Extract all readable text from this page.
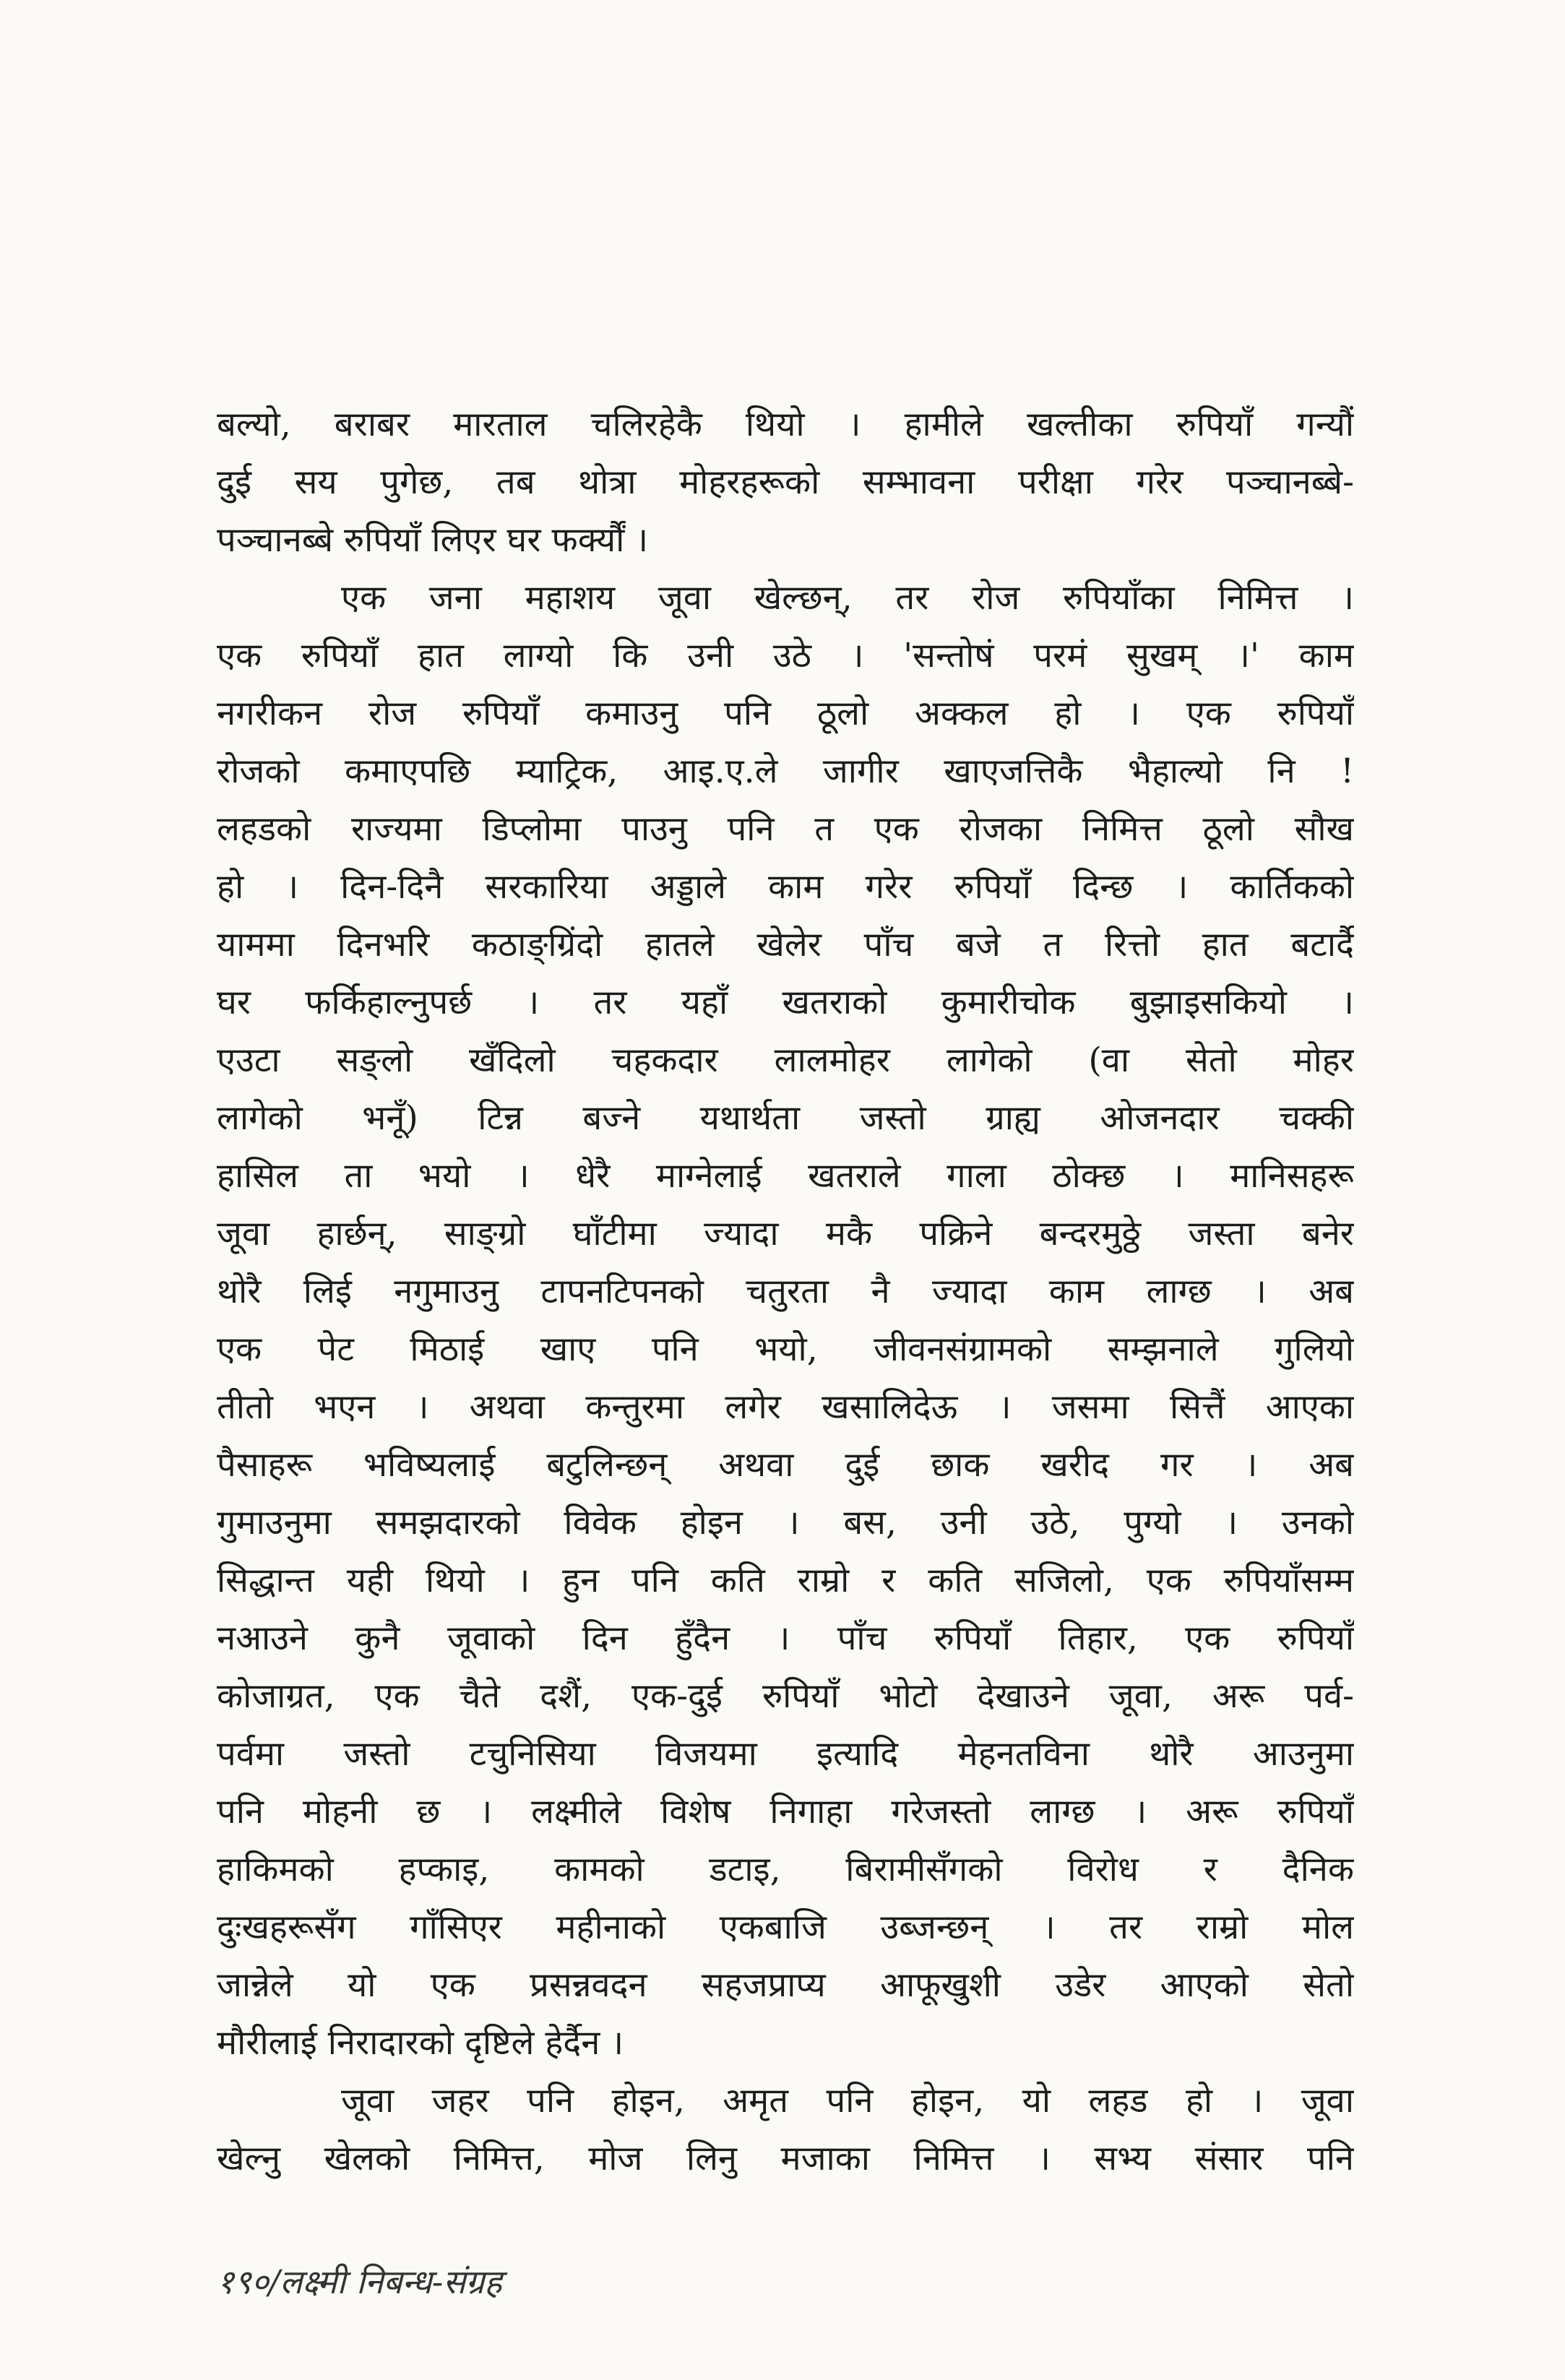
बल्यो, बराबर मारताल चलिरहेकै थियो । हामीले खल्तीका रुपियाँ गन्यौं
दुई सय पुगेछ, तब थोत्रा मोहरहरूको सम्भावना परीक्षा गरेर पञ्चानब्बे-
पञ्चानब्बे रुपियाँ लिएर घर फर्क्यौं ।
एक जना महाशय जूवा खेल्छन्, तर रोज रुपियाँका निमित्त ।
एक रुपियाँ हात लाग्यो कि उनी उठे । 'सन्तोषं परमं सुखम् ।' काम
नगरीकन रोज रुपियाँ कमाउनु पनि ठूलो अक्कल हो । एक रुपियाँ
रोजको कमाएपछि म्याट्रिक, आइ.ए.ले जागीर खाएजत्तिकै भैहाल्यो नि !
लहडको राज्यमा डिप्लोमा पाउनु पनि त एक रोजका निमित्त ठूलो सौख
हो । दिन-दिनै सरकारिया अड्डाले काम गरेर रुपियाँ दिन्छ । कार्तिकको
याममा दिनभरि कठाङ्ग्रिंदो हातले खेलेर पाँच बजे त रित्तो हात बटार्दै
घर फर्किहाल्नुपर्छ । तर यहाँ खतराको कुमारीचोक बुझाइसकियो ।
एउटा सङ्लो खँदिलो चहकदार लालमोहर लागेको (वा सेतो मोहर
लागेको भनूँ) टिन्न बज्ने यथार्थता जस्तो ग्राह्य ओजनदार चक्की
हासिल ता भयो । धेरै माग्नेलाई खतराले गाला ठोक्छ । मानिसहरू
जूवा हार्छन्, साङ्ग्रो घाँटीमा ज्यादा मकै पक्रिने बन्दरमुठ्ठे जस्ता बनेर
थोरै लिई नगुमाउनु टापनटिपनको चतुरता नै ज्यादा काम लाग्छ । अब
एक पेट मिठाई खाए पनि भयो, जीवनसंग्रामको सम्झनाले गुलियो
तीतो भएन । अथवा कन्तुरमा लगेर खसालिदेऊ । जसमा सित्तैं आएका
पैसाहरू भविष्यलाई बटुलिन्छन् अथवा दुई छाक खरीद गर । अब
गुमाउनुमा समझदारको विवेक होइन । बस, उनी उठे, पुग्यो । उनको
सिद्धान्त यही थियो । हुन पनि कति राम्रो र कति सजिलो, एक रुपियाँसम्म
नआउने कुनै जूवाको दिन हुँदैन । पाँच रुपियाँ तिहार, एक रुपियाँ
कोजाग्रत, एक चैते दशैं, एक-दुई रुपियाँ भोटो देखाउने जूवा, अरू पर्व-
पर्वमा जस्तो टचुनिसिया विजयमा इत्यादि मेहनतविना थोरै आउनुमा
पनि मोहनी छ । लक्ष्मीले विशेष निगाहा गरेजस्तो लाग्छ । अरू रुपियाँ
हाकिमको हप्काइ, कामको डटाइ, बिरामीसँगको विरोध र दैनिक
दुःखहरूसँग गाँसिएर महीनाको एकबाजि उब्जन्छन् । तर राम्रो मोल
जान्नेले यो एक प्रसन्नवदन सहजप्राप्य आफूखुशी उडेर आएको सेतो
मौरीलाई निरादारको दृष्टिले हेर्दैन ।
जूवा जहर पनि होइन, अमृत पनि होइन, यो लहड हो । जूवा
खेल्नु खेलको निमित्त, मोज लिनु मजाका निमित्त । सभ्य संसार पनि
१९०/लक्ष्मी निबन्ध-संग्रह
